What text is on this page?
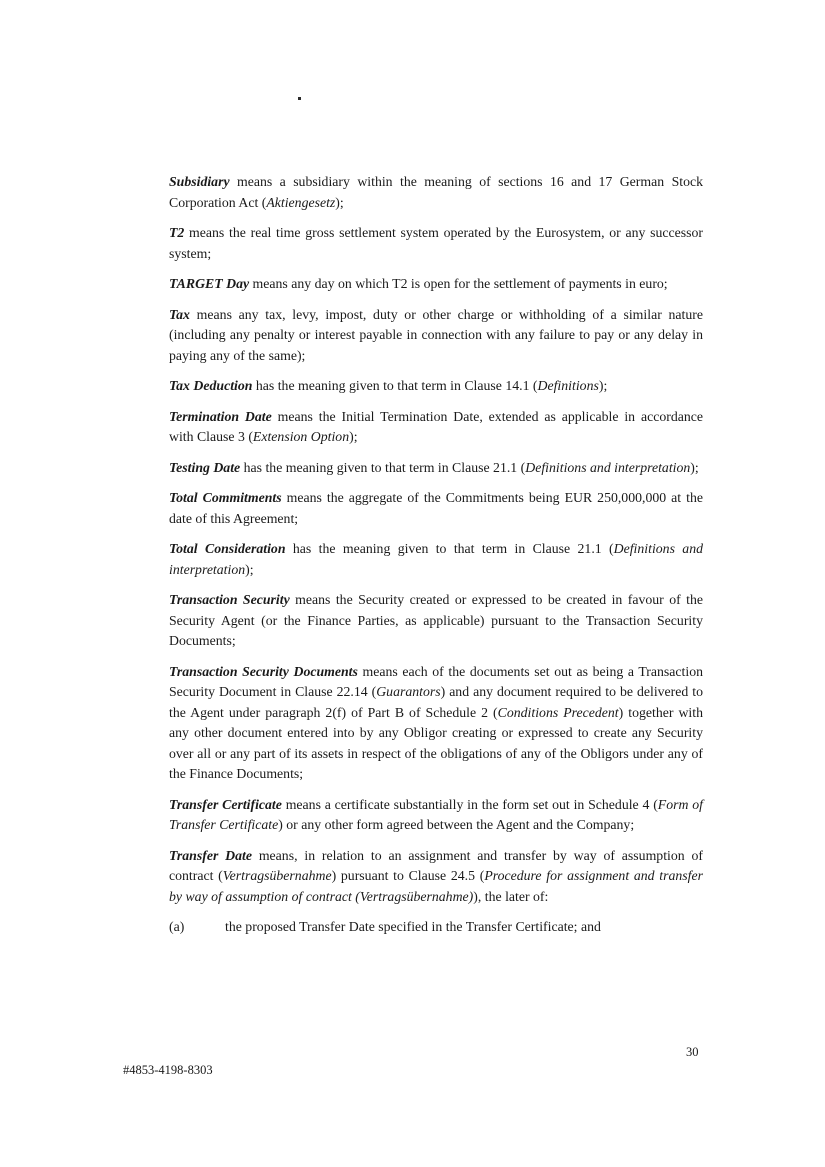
Subsidiary means a subsidiary within the meaning of sections 16 and 17 German Stock Corporation Act (Aktiengesetz);

T2 means the real time gross settlement system operated by the Eurosystem, or any successor system;

TARGET Day means any day on which T2 is open for the settlement of payments in euro;

Tax means any tax, levy, impost, duty or other charge or withholding of a similar nature (including any penalty or interest payable in connection with any failure to pay or any delay in paying any of the same);

Tax Deduction has the meaning given to that term in Clause 14.1 (Definitions);

Termination Date means the Initial Termination Date, extended as applicable in accordance with Clause 3 (Extension Option);

Testing Date has the meaning given to that term in Clause 21.1 (Definitions and interpretation);

Total Commitments means the aggregate of the Commitments being EUR 250,000,000 at the date of this Agreement;

Total Consideration has the meaning given to that term in Clause 21.1 (Definitions and interpretation);

Transaction Security means the Security created or expressed to be created in favour of the Security Agent (or the Finance Parties, as applicable) pursuant to the Transaction Security Documents;

Transaction Security Documents means each of the documents set out as being a Transaction Security Document in Clause 22.14 (Guarantors) and any document required to be delivered to the Agent under paragraph 2(f) of Part B of Schedule 2 (Conditions Precedent) together with any other document entered into by any Obligor creating or expressed to create any Security over all or any part of its assets in respect of the obligations of any of the Obligors under any of the Finance Documents;

Transfer Certificate means a certificate substantially in the form set out in Schedule 4 (Form of Transfer Certificate) or any other form agreed between the Agent and the Company;

Transfer Date means, in relation to an assignment and transfer by way of assumption of contract (Vertragsübernahme) pursuant to Clause 24.5 (Procedure for assignment and transfer by way of assumption of contract (Vertragsübernahme)), the later of:

(a)	the proposed Transfer Date specified in the Transfer Certificate; and
30
#4853-4198-8303
